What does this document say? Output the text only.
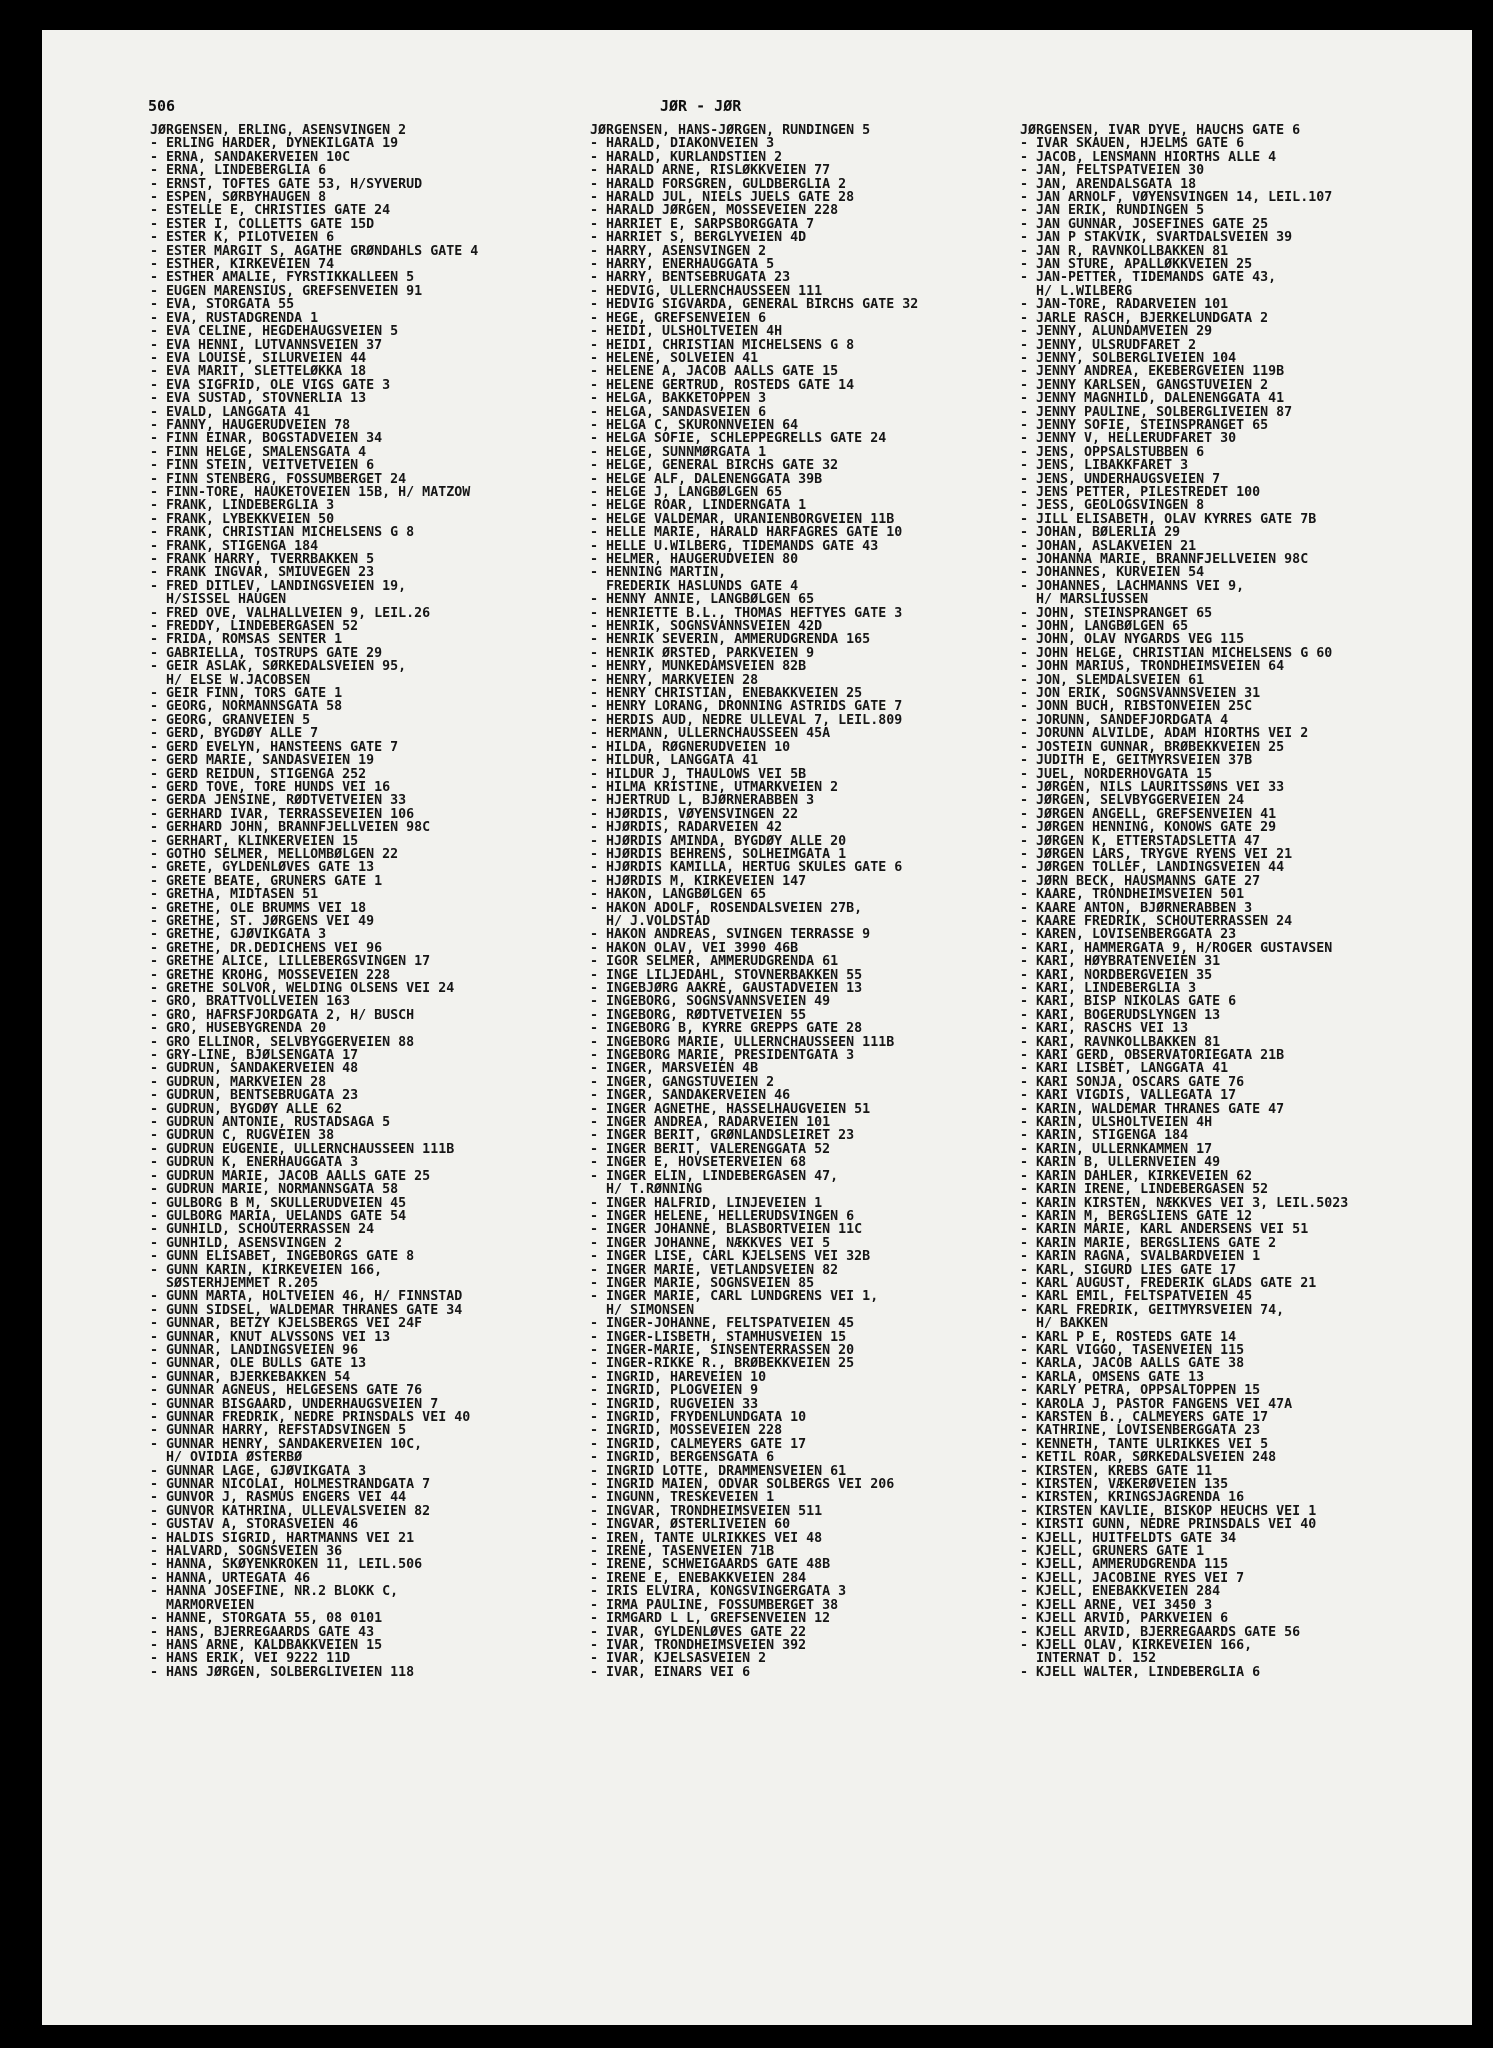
506	JØR - JØR
JØRGENSEN, ERLING, ÅSENSVINGEN 2
- ERLING HARDER, DYNEKILGATA 19
- ERNA, SANDAKERVEIEN 10C
- ERNA, LINDEBERGLIA 6
- ERNST, TOFTES GATE 53, H/SYVERUD
- ESPEN, SØRBYHAUGEN 8
- ESTELLE E, CHRISTIES GATE 24
- ESTER I, COLLETTS GATE 15D
- ESTER K, PILOTVEIEN 6
- ESTER MARGIT S, AGATHE GRØNDAHLS GATE 4
- ESTHER, KIRKEVEIEN 74
- ESTHER AMALIE, FYRSTIKKALLEEN 5
- EUGEN MARENSIUS, GREFSENVEIEN 91
- EVA, STORGATA 55
- EVA, RUSTADGRENDA 1
- EVA CELINE, HEGDEHAUGSVEIEN 5
- EVA HENNI, LUTVANNSVEIEN 37
- EVA LOUISE, SILURVEIEN 44
- EVA MARIT, SLETTELØKKA 18
- EVA SIGFRID, OLE VIGS GATE 3
- EVA SUSTAD, STOVNERLIA 13
- EVALD, LANGGATA 41
- FANNY, HAUGERUDVEIEN 78
- FINN EINAR, BOGSTADVEIEN 34
- FINN HELGE, SMÅLENSGATA 4
- FINN STEIN, VEITVETVEIEN 6
- FINN STENBERG, FOSSUMBERGET 24
- FINN-TORE, HAUKETOVEIEN 15B, H/ MATZOW
- FRANK, LINDEBERGLIA 3
- FRANK, LYBEKKVEIEN 50
- FRANK, CHRISTIAN MICHELSENS G 8
- FRANK, STIGENGA 184
- FRANK HARRY, TVERRBAKKEN 5
- FRANK INGVAR, SMIUVEGEN 23
- FRED DITLEV, LANDINGSVEIEN 19,
H/SISSEL HAUGEN
- FRED OVE, VALHALLVEIEN 9, LEIL.26
- FREDDY, LINDEBERGÅSEN 52
- FRIDA, ROMSÅS SENTER 1
- GABRIELLA, TOSTRUPS GATE 29
- GEIR ASLAK, SØRKEDALSVEIEN 95,
H/ ELSE W.JACOBSEN
- GEIR FINN, TORS GATE 1
- GEORG, NORMANNSGATA 58
- GEORG, GRANVEIEN 5
- GERD, BYGDØY ALLE 7
- GERD EVELYN, HANSTEENS GATE 7
- GERD MARIE, SANDÅSVEIEN 19
- GERD REIDUN, STIGENGA 252
- GERD TOVE, TORE HUNDS VEI 16
- GERDA JENSINE, RØDTVETVEIEN 33
- GERHARD IVAR, TERRASSEVEIEN 106
- GERHARD JOHN, BRANNFJELLVEIEN 98C
- GERHART, KLINKERVEIEN 15
- GOTHO SELMER, MELLOMBØLGEN 22
- GRETE, GYLDENLØVES GATE 13
- GRETE BEATE, GRÜNERS GATE 1
- GRETHA, MIDTÅSEN 51
- GRETHE, OLE BRUMMS VEI 18
- GRETHE, ST. JØRGENS VEI 49
- GRETHE, GJØVIKGATA 3
- GRETHE, DR.DEDICHENS VEI 96
- GRETHE ALICE, LILLEBERGSVINGEN 17
- GRETHE KROHG, MOSSEVEIEN 228
- GRETHE SOLVOR, WELDING OLSENS VEI 24
- GRO, BRATTVOLLVEIEN 163
- GRO, HAFRSFJORDGATA 2, H/ BUSCH
- GRO, HUSEBYGRENDA 20
- GRO ELLINOR, SELVBYGGERVEIEN 88
- GRY-LINE, BJØLSENGATA 17
- GUDRUN, SANDAKERVEIEN 48
- GUDRUN, MARKVEIEN 28
- GUDRUN, BENTSEBRUGATA 23
- GUDRUN, BYGDØY ALLE 62
- GUDRUN ANTONIE, RUSTADSAGA 5
- GUDRUN C, RUGVEIEN 38
- GUDRUN EUGENIE, ULLERNCHAUSSEEN 111B
- GUDRUN K, ENERHAUGGATA 3
- GUDRUN MARIE, JACOB AALLS GATE 25
- GUDRUN MARIE, NORMANNSGATA 58
- GULBORG B M, SKULLERUDVEIEN 45
- GULBORG MARIA, UELANDS GATE 54
- GUNHILD, SCHOUTERRASSEN 24
- GUNHILD, ÅSENSVINGEN 2
- GUNN ELISABET, INGEBORGS GATE 8
- GUNN KARIN, KIRKEVEIEN 166,
SØSTERHJEMMET R.205
- GUNN MARTA, HOLTVEIEN 46, H/ FINNSTAD
- GUNN SIDSEL, WALDEMAR THRANES GATE 34
- GUNNAR, BETZY KJELSBERGS VEI 24F
- GUNNAR, KNUT ALVSSONS VEI 13
- GUNNAR, LANDINGSVEIEN 96
- GUNNAR, OLE BULLS GATE 13
- GUNNAR, BJERKEBAKKEN 54
- GUNNAR AGNEUS, HELGESENS GATE 76
- GUNNAR BISGAARD, UNDERHAUGSVEIEN 7
- GUNNAR FREDRIK, NEDRE PRINSDALS VEI 40
- GUNNAR HARRY, REFSTADSVINGEN 5
- GUNNAR HENRY, SANDAKERVEIEN 10C,
H/ OVIDIA ØSTERBØ
- GUNNAR LAGE, GJØVIKGATA 3
- GUNNAR NICOLAI, HOLMESTRANDGATA 7
- GUNVOR J, RASMUS ENGERS VEI 44
- GUNVOR KATHRINA, ULLEVÅLSVEIEN 82
- GUSTAV A, STORÅSVEIEN 46
- HALDIS SIGRID, HARTMANNS VEI 21
- HALVARD, SOGNSVEIEN 36
- HANNA, SKØYENKROKEN 11, LEIL.506
- HANNA, URTEGATA 46
- HANNA JOSEFINE, NR.2 BLOKK C,
MARMORVEIEN
- HANNE, STORGATA 55, 08 0101
- HANS, BJERREGAARDS GATE 43
- HANS ARNE, KALDBAKKVEIEN 15
- HANS ERIK, VEI 9222 11D
- HANS JØRGEN, SOLBERGLIVEIEN 118
JØRGENSEN, HANS-JØRGEN, RUNDINGEN 5
- HARALD, DIAKONVEIEN 3
- HARALD, KURLANDSTIEN 2
- HARALD ARNE, RISLØKKVEIEN 77
- HARALD FORSGREN, GULDBERGLIA 2
- HARALD JUL, NIELS JUELS GATE 28
- HARALD JØRGEN, MOSSEVEIEN 228
- HARRIET E, SARPSBORGGATA 7
- HARRIET S, BERGLYVEIEN 4D
- HARRY, ÅSENSVINGEN 2
- HARRY, ENERHAUGGATA 5
- HARRY, BENTSEBRUGATA 23
- HEDVIG, ULLERNCHAUSSEEN 111
- HEDVIG SIGVARDA, GENERAL BIRCHS GATE 32
- HEGE, GREFSENVEIEN 6
- HEIDI, ULSHOLTVEIEN 4H
- HEIDI, CHRISTIAN MICHELSENS G 8
- HELENE, SOLVEIEN 41
- HELENE A, JACOB AALLS GATE 15
- HELENE GERTRUD, ROSTEDS GATE 14
- HELGA, BAKKETOPPEN 3
- HELGA, SANDÅSVEIEN 6
- HELGA C, SKURONNVEIEN 64
- HELGA SOFIE, SCHLEPPEGRELLS GATE 24
- HELGE, SUNNMØRGATA 1
- HELGE, GENERAL BIRCHS GATE 32
- HELGE ALF, DALENENGGATA 39B
- HELGE J, LANGBØLGEN 65
- HELGE ROAR, LINDERNGATA 1
- HELGE VALDEMAR, URANIENBORGVEIEN 11B
- HELLE MARIE, HARALD HÅRFAGRES GATE 10
- HELLE U.WILBERG, TIDEMANDS GATE 43
- HELMER, HAUGERUDVEIEN 80
- HENNING MARTIN,
FREDERIK HASLUNDS GATE 4
- HENNY ANNIE, LANGBØLGEN 65
- HENRIETTE B.L., THOMAS HEFTYES GATE 3
- HENRIK, SOGNSVANNSVEIEN 42D
- HENRIK SEVERIN, AMMERUDGRENDA 165
- HENRIK ØRSTED, PARKVEIEN 9
- HENRY, MUNKEDAMSVEIEN 82B
- HENRY, MARKVEIEN 28
- HENRY CHRISTIAN, ENEBAKKVEIEN 25
- HENRY LORANG, DRONNING ASTRIDS GATE 7
- HERDIS AUD, NEDRE ULLEVÅL 7, LEIL.809
- HERMANN, ULLERNCHAUSSEEN 45A
- HILDA, RØGNERUDVEIEN 10
- HILDUR, LANGGATA 41
- HILDUR J, THAULOWS VEI 5B
- HILMA KRISTINE, UTMARKVEIEN 2
- HJERTRUD L, BJØRNERABBEN 3
- HJØRDIS, VØYENSVINGEN 22
- HJØRDIS, RADARVEIEN 42
- HJØRDIS AMINDA, BYGDØY ALLE 20
- HJØRDIS BEHRENS, SOLHEIMGATA 1
- HJØRDIS KAMILLA, HERTUG SKULES GATE 6
- HJØRDIS M, KIRKEVEIEN 147
- HÅKON, LANGBØLGEN 65
- HÅKON ADOLF, ROSENDALSVEIEN 27B,
H/ J.VOLDSTAD
- HÅKON ANDREAS, SVINGEN TERRASSE 9
- HÅKON OLAV, VEI 3990 46B
- IGOR SELMER, AMMERUDGRENDA 61
- INGE LILJEDAHL, STOVNERBAKKEN 55
- INGEBJØRG AAKRE, GAUSTADVEIEN 13
- INGEBORG, SOGNSVANNSVEIEN 49
- INGEBORG, RØDTVETVEIEN 55
- INGEBORG B, KYRRE GREPPS GATE 28
- INGEBORG MARIE, ULLERNCHAUSSEEN 111B
- INGEBORG MARIE, PRESIDENTGATA 3
- INGER, MARSVEIEN 4B
- INGER, GANGSTUVEIEN 2
- INGER, SANDAKERVEIEN 46
- INGER AGNETHE, HASSELHAUGVEIEN 51
- INGER ANDREA, RADARVEIEN 101
- INGER BERIT, GRØNLANDSLEIRET 23
- INGER BERIT, VÅLERENGGATA 52
- INGER E, HOVSETERVEIEN 68
- INGER ELIN, LINDEBERGÅSEN 47,
H/ T.RØNNING
- INGER HALFRID, LINJEVEIEN 1
- INGER HELENE, HELLERUDSVINGEN 6
- INGER JOHANNE, BLÅSBORTVEIEN 11C
- INGER JOHANNE, NÆKKVES VEI 5
- INGER LISE, CARL KJELSENS VEI 32B
- INGER MARIE, VETLANDSVEIEN 82
- INGER MARIE, SOGNSVEIEN 85
- INGER MARIE, CARL LUNDGRENS VEI 1,
H/ SIMONSEN
- INGER-JOHANNE, FELTSPATVEIEN 45
- INGER-LISBETH, STAMHUSVEIEN 15
- INGER-MARIE, SINSENTERRASSEN 20
- INGER-RIKKE R., BRØBEKKVEIEN 25
- INGRID, HAREVEIEN 10
- INGRID, PLOGVEIEN 9
- INGRID, RUGVEIEN 33
- INGRID, FRYDENLUNDGATA 10
- INGRID, MOSSEVEIEN 228
- INGRID, CALMEYERS GATE 17
- INGRID, BERGENSGATA 6
- INGRID LOTTE, DRAMMENSVEIEN 61
- INGRID MAIEN, ODVAR SOLBERGS VEI 206
- INGUNN, TRESKEVEIEN 1
- INGVAR, TRONDHEIMSVEIEN 511
- INGVAR, ØSTERLIVEIEN 60
- IREN, TANTE ULRIKKES VEI 48
- IRENE, TÅSENVEIEN 71B
- IRENE, SCHWEIGAARDS GATE 48B
- IRENE E, ENEBAKKVEIEN 284
- IRIS ELVIRA, KONGSVINGERGATA 3
- IRMA PAULINE, FOSSUMBERGET 38
- IRMGARD L L, GREFSENVEIEN 12
- IVAR, GYLDENLØVES GATE 22
- IVAR, TRONDHEIMSVEIEN 392
- IVAR, KJELSÅSVEIEN 2
- IVAR, EINARS VEI 6
JØRGENSEN, IVAR DYVE, HAUCHS GATE 6
- IVAR SKAUEN, HJELMS GATE 6
- JACOB, LENSMANN HIORTHS ALLE 4
- JAN, FELTSPATVEIEN 30
- JAN, ARENDALSGATA 18
- JAN ARNOLF, VØYENSVINGEN 14, LEIL.107
- JAN ERIK, RUNDINGEN 5
- JAN GUNNAR, JOSEFINES GATE 25
- JAN P STAKVIK, SVARTDALSVEIEN 39
- JAN R, RAVNKOLLBAKKEN 81
- JAN STURE, APALLØKKVEIEN 25
- JAN-PETTER, TIDEMANDS GATE 43,
H/ L.WILBERG
- JAN-TORE, RADARVEIEN 101
- JARLE RASCH, BJERKELUNDGATA 2
- JENNY, ALUNDAMVEIEN 29
- JENNY, ULSRUDFARET 2
- JENNY, SOLBERGLIVEIEN 104
- JENNY ANDREA, EKEBERGVEIEN 119B
- JENNY KARLSEN, GANGSTUVEIEN 2
- JENNY MAGNHILD, DALENENGGATA 41
- JENNY PAULINE, SOLBERGLIVEIEN 87
- JENNY SOFIE, STEINSPRANGET 65
- JENNY V, HELLERUDFARET 30
- JENS, OPPSALSTUBBEN 6
- JENS, LIBAKKFARET 3
- JENS, UNDERHAUGSVEIEN 7
- JENS PETTER, PILESTREDET 100
- JESS, GEOLOGSVINGEN 8
- JILL ELISABETH, OLAV KYRRES GATE 7B
- JOHAN, BØLERLIA 29
- JOHAN, ASLAKVEIEN 21
- JOHANNA MARIE, BRANNFJELLVEIEN 98C
- JOHANNES, KURVEIEN 54
- JOHANNES, LACHMANNS VEI 9,
H/ MARSLIUSSEN
- JOHN, STEINSPRANGET 65
- JOHN, LANGBØLGEN 65
- JOHN, OLAV NYGARDS VEG 115
- JOHN HELGE, CHRISTIAN MICHELSENS G 60
- JOHN MARIUS, TRONDHEIMSVEIEN 64
- JON, SLEMDALSVEIEN 61
- JON ERIK, SOGNSVANNSVEIEN 31
- JONN BUCH, RIBSTONVEIEN 25C
- JORUNN, SANDEFJORDGATA 4
- JORUNN ALVILDE, ADAM HIORTHS VEI 2
- JOSTEIN GUNNAR, BRØBEKKVEIEN 25
- JUDITH E, GEITMYRSVEIEN 37B
- JUEL, NORDERHOVGATA 15
- JØRGEN, NILS LAURITSSØNS VEI 33
- JØRGEN, SELVBYGGERVEIEN 24
- JØRGEN ANGELL, GREFSENVEIEN 41
- JØRGEN HENNING, KONOWS GATE 29
- JØRGEN K, ETTERSTADSLETTA 47
- JØRGEN LARS, TRYGVE RYENS VEI 21
- JØRGEN TOLLEF, LANDINGSVEIEN 44
- JØRN BECK, HAUSMANNS GATE 27
- KAARE, TRONDHEIMSVEIEN 501
- KAARE ANTON, BJØRNERABBEN 3
- KAARE FREDRIK, SCHOUTERRASSEN 24
- KAREN, LOVISENBERGGATA 23
- KARI, HAMMERGATA 9, H/ROGER GUSTAVSEN
- KARI, HØYBRÅTENVEIEN 31
- KARI, NORDBERGVEIEN 35
- KARI, LINDEBERGLIA 3
- KARI, BISP NIKOLAS GATE 6
- KARI, BOGERUDSLYNGEN 13
- KARI, RASCHS VEI 13
- KARI, RAVNKOLLBAKKEN 81
- KARI GERD, OBSERVATORIEGATA 21B
- KARI LISBET, LANGGATA 41
- KARI SONJA, OSCARS GATE 76
- KARI VIGDIS, VALLEGATA 17
- KARIN, WALDEMAR THRANES GATE 47
- KARIN, ULSHOLTVEIEN 4H
- KARIN, STIGENGA 184
- KARIN, ULLERNKAMMEN 17
- KARIN B, ULLERNVEIEN 49
- KARIN DAHLER, KIRKEVEIEN 62
- KARIN IRENE, LINDEBERGÅSEN 52
- KARIN KIRSTEN, NÆKKVES VEI 3, LEIL.5023
- KARIN M, BERGSLIENS GATE 12
- KARIN MARIE, KARL ANDERSENS VEI 51
- KARIN MARIE, BERGSLIENS GATE 2
- KARIN RAGNA, SVALBARDVEIEN 1
- KARL, SIGURD LIES GATE 17
- KARL AUGUST, FREDERIK GLADS GATE 21
- KARL EMIL, FELTSPATVEIEN 45
- KARL FREDRIK, GEITMYRSVEIEN 74,
H/ BAKKEN
- KARL P E, ROSTEDS GATE 14
- KARL VIGGO, TÅSENVEIEN 115
- KARLA, JACOB AALLS GATE 38
- KARLA, OMSENS GATE 13
- KARLY PETRA, OPPSALTOPPEN 15
- KAROLA J, PASTOR FANGENS VEI 47A
- KARSTEN B., CALMEYERS GATE 17
- KATHRINE, LOVISENBERGGATA 23
- KENNETH, TANTE ULRIKKES VEI 5
- KETIL ROAR, SØRKEDALSVEIEN 248
- KIRSTEN, KREBS GATE 11
- KIRSTEN, VÆKERØVEIEN 135
- KIRSTEN, KRINGSJÅGRENDA 16
- KIRSTEN KAVLIE, BISKOP HEUCHS VEI 1
- KIRSTI GUNN, NEDRE PRINSDALS VEI 40
- KJELL, HUITFELDTS GATE 34
- KJELL, GRÜNERS GATE 1
- KJELL, AMMERUDGRENDA 115
- KJELL, JACOBINE RYES VEI 7
- KJELL, ENEBAKKVEIEN 284
- KJELL ARNE, VEI 3450 3
- KJELL ARVID, PARKVEIEN 6
- KJELL ARVID, BJERREGAARDS GATE 56
- KJELL OLAV, KIRKEVEIEN 166,
INTERNAT D. 152
- KJELL WALTER, LINDEBERGLIA 6
